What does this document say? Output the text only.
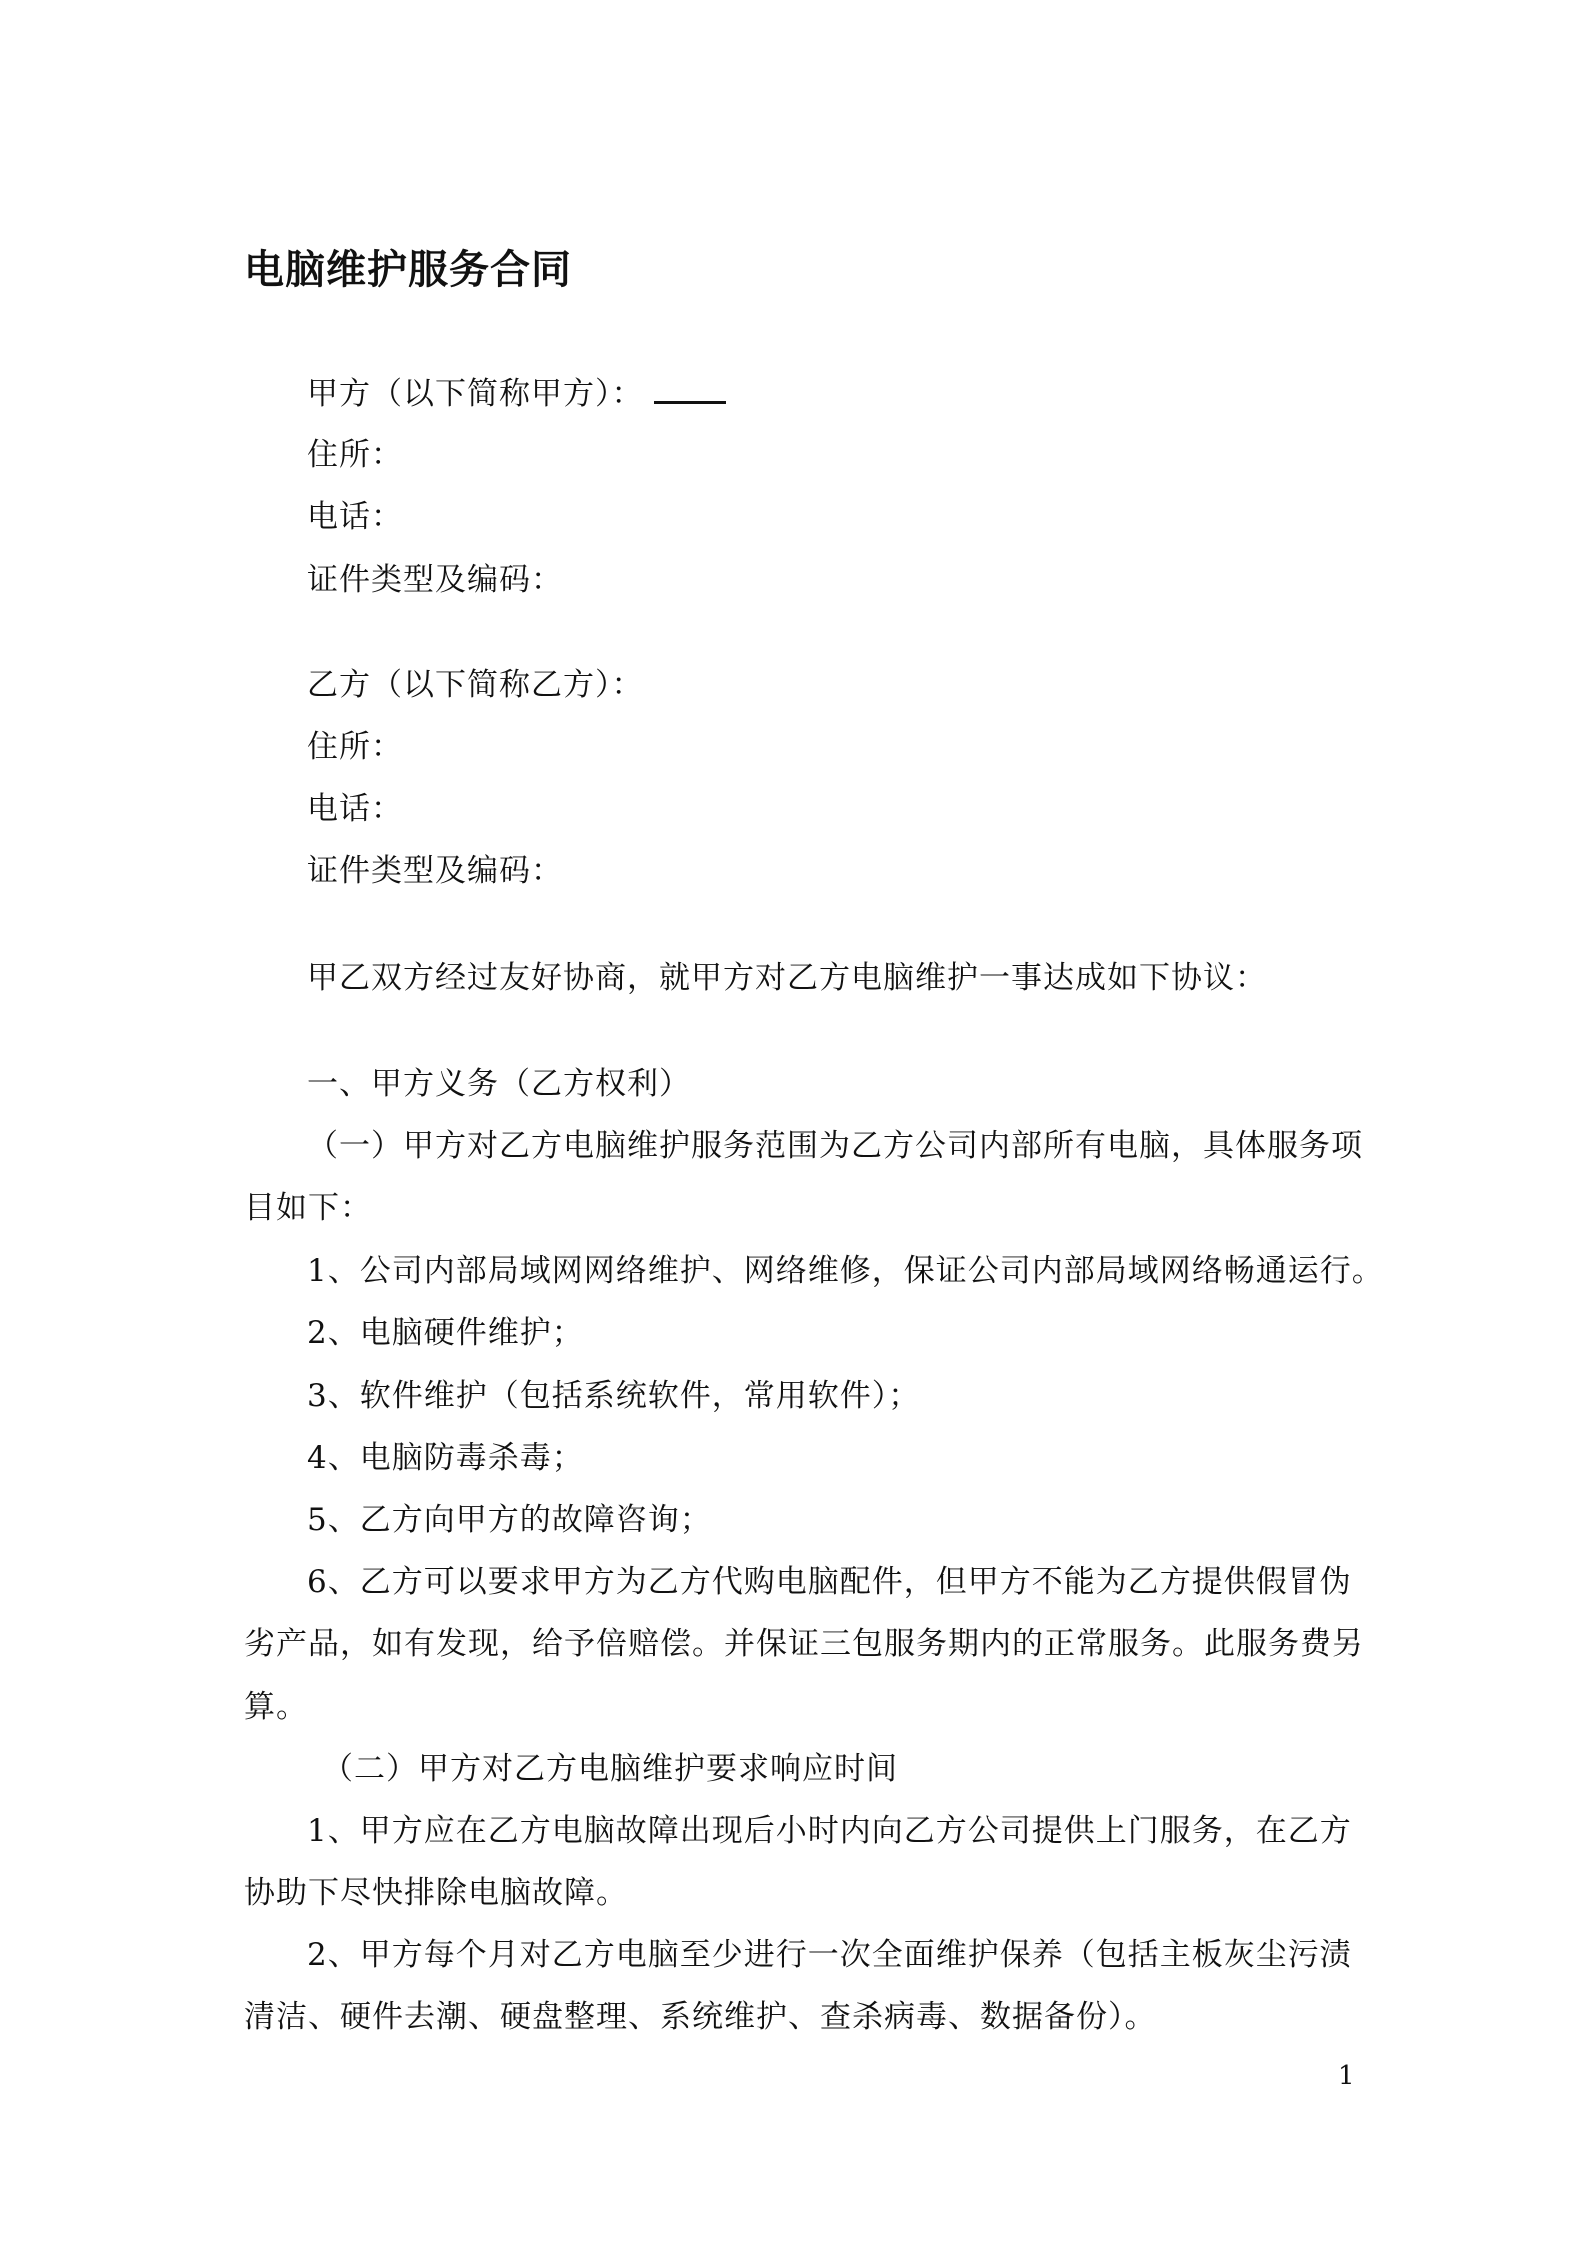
电脑维护服务合同
甲方（以下简称甲方）：
住所：
电话：
证件类型及编码：
乙方（以下简称乙方）：
住所：
电话：
证件类型及编码：
甲乙双方经过友好协商，就甲方对乙方电脑维护一事达成如下协议：
一、甲方义务（乙方权利）
（一）甲方对乙方电脑维护服务范围为乙方公司内部所有电脑，具体服务项
目如下：
1、公司内部局域网网络维护、网络维修，保证公司内部局域网络畅通运行。
2、电脑硬件维护；
3、软件维护（包括系统软件，常用软件）；
4、电脑防毒杀毒；
5、乙方向甲方的故障咨询；
6、乙方可以要求甲方为乙方代购电脑配件，但甲方不能为乙方提供假冒伪
劣产品，如有发现，给予倍赔偿。并保证三包服务期内的正常服务。此服务费另
算。
（二）甲方对乙方电脑维护要求响应时间
1、甲方应在乙方电脑故障出现后小时内向乙方公司提供上门服务，在乙方
协助下尽快排除电脑故障。
2、甲方每个月对乙方电脑至少进行一次全面维护保养（包括主板灰尘污渍
清洁、硬件去潮、硬盘整理、系统维护、查杀病毒、数据备份）。
1
